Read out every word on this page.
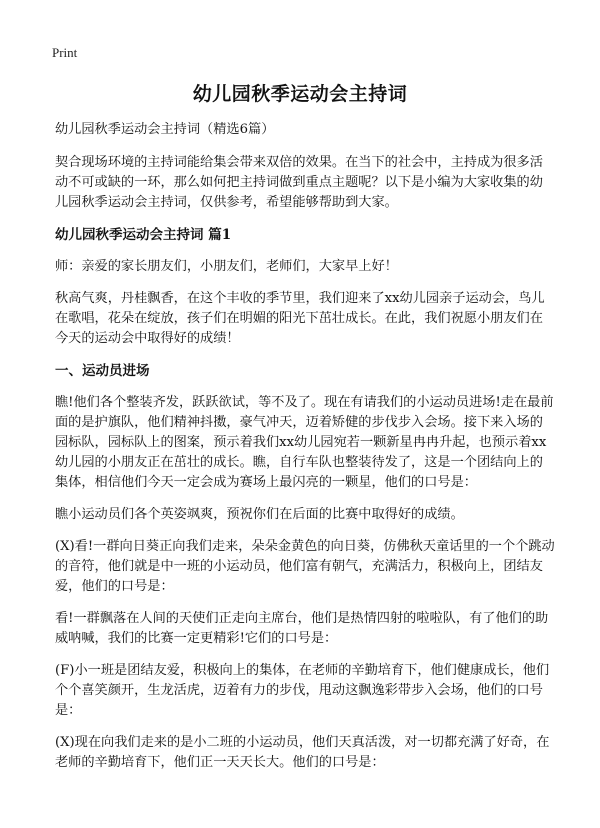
Print
幼儿园秋季运动会主持词

幼儿园秋季运动会主持词（精选6篇）

契合现场环境的主持词能给集会带来双倍的效果。在当下的社会中，主持成为很多活动不可或缺的一环，那么如何把主持词做到重点主题呢？以下是小编为大家收集的幼儿园秋季运动会主持词，仅供参考，希望能够帮助到大家。

幼儿园秋季运动会主持词 篇1

师：亲爱的家长朋友们，小朋友们，老师们，大家早上好！

秋高气爽，丹桂飘香，在这个丰收的季节里，我们迎来了xx幼儿园亲子运动会，鸟儿在歌唱，花朵在绽放，孩子们在明媚的阳光下茁壮成长。在此，我们祝愿小朋友们在今天的运动会中取得好的成绩！

一、运动员进场

瞧!他们各个整装齐发，跃跃欲试，等不及了。现在有请我们的小运动员进场!走在最前面的是护旗队，他们精神抖擞，豪气冲天，迈着矫健的步伐步入会场。接下来入场的园标队，园标队上的图案，预示着我们xx幼儿园宛若一颗新星冉冉升起，也预示着xx幼儿园的小朋友正在茁壮的成长。瞧，自行车队也整装待发了，这是一个团结向上的集体，相信他们今天一定会成为赛场上最闪亮的一颗星，他们的口号是：

瞧小运动员们各个英姿飒爽，预祝你们在后面的比赛中取得好的成绩。

(X)看!一群向日葵正向我们走来，朵朵金黄色的向日葵，仿佛秋天童话里的一个个跳动的音符，他们就是中一班的小运动员，他们富有朝气，充满活力，积极向上，团结友爱，他们的口号是：

看!一群飘落在人间的天使们正走向主席台，他们是热情四射的啦啦队，有了他们的助威呐喊，我们的比赛一定更精彩!它们的口号是：

(F)小一班是团结友爱，积极向上的集体，在老师的辛勤培育下，他们健康成长，他们个个喜笑颜开，生龙活虎，迈着有力的步伐，甩动这飘逸彩带步入会场，他们的口号是：

(X)现在向我们走来的是小二班的小运动员，他们天真活泼，对一切都充满了好奇，在老师的辛勤培育下，他们正一天天长大。他们的口号是：
